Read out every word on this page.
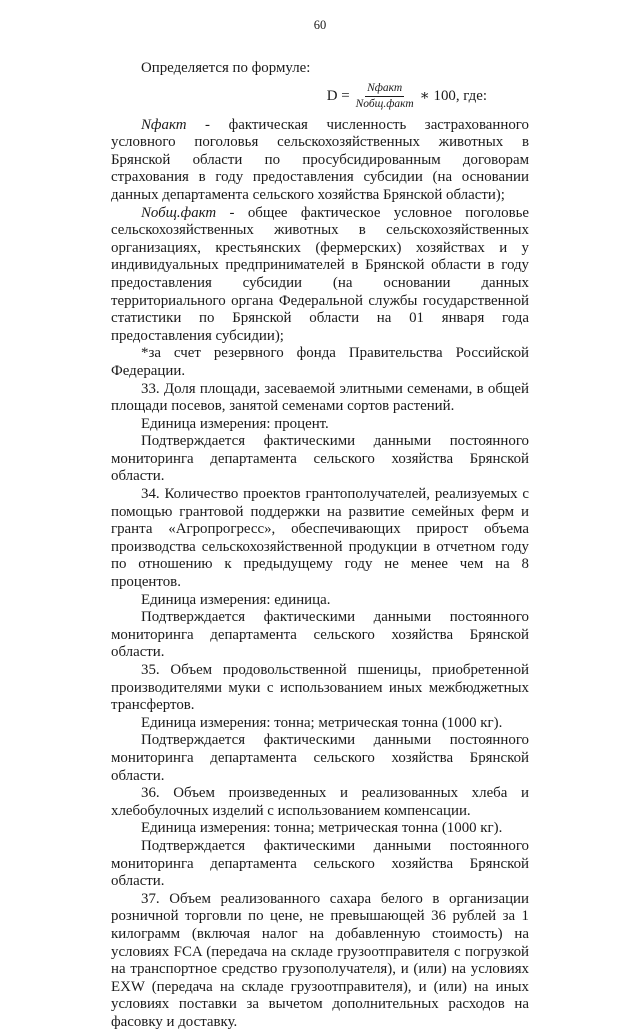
60

Определяется по формуле:

$D = \frac{\text{Nфакт}}{\text{Nобщ.факт}}$ ∗ 100, где:

Nфакт - фактическая численность застрахованного условного поголовья сельскохозяйственных животных в Брянской области по просубсидированным договорам страхования в году предоставления субсидии (на основании данных департамента сельского хозяйства Брянской области);

Nобщ.факт - общее фактическое условное поголовье сельскохозяйственных животных в сельскохозяйственных организациях, крестьянских (фермерских) хозяйствах и у индивидуальных предпринимателей в Брянской области в году предоставления субсидии (на основании данных территориального органа Федеральной службы государственной статистики по Брянской области на 01 января года предоставления субсидии);

*за счет резервного фонда Правительства Российской Федерации.

33. Доля площади, засеваемой элитными семенами, в общей площади посевов, занятой семенами сортов растений.

Единица измерения: процент.

Подтверждается фактическими данными постоянного мониторинга департамента сельского хозяйства Брянской области.

34. Количество проектов грантополучателей, реализуемых с помощью грантовой поддержки на развитие семейных ферм и гранта «Агропрогресс», обеспечивающих прирост объема производства сельскохозяйственной продукции в отчетном году по отношению к предыдущему году не менее чем на 8 процентов.

Единица измерения: единица.

Подтверждается фактическими данными постоянного мониторинга департамента сельского хозяйства Брянской области.

35. Объем продовольственной пшеницы, приобретенной производителями муки с использованием иных межбюджетных трансфертов.

Единица измерения: тонна; метрическая тонна (1000 кг).

Подтверждается фактическими данными постоянного мониторинга департамента сельского хозяйства Брянской области.

36. Объем произведенных и реализованных хлеба и хлебобулочных изделий с использованием компенсации.

Единица измерения: тонна; метрическая тонна (1000 кг).

Подтверждается фактическими данными постоянного мониторинга департамента сельского хозяйства Брянской области.

37. Объем реализованного сахара белого в организации розничной торговли по цене, не превышающей 36 рублей за 1 килограмм (включая налог на добавленную стоимость) на условиях FCA (передача на складе грузоотправителя с погрузкой на транспортное средство грузополучателя), и (или) на условиях EXW (передача на складе грузоотправителя), и (или) на иных условиях поставки за вычетом дополнительных расходов на фасовку и доставку.
